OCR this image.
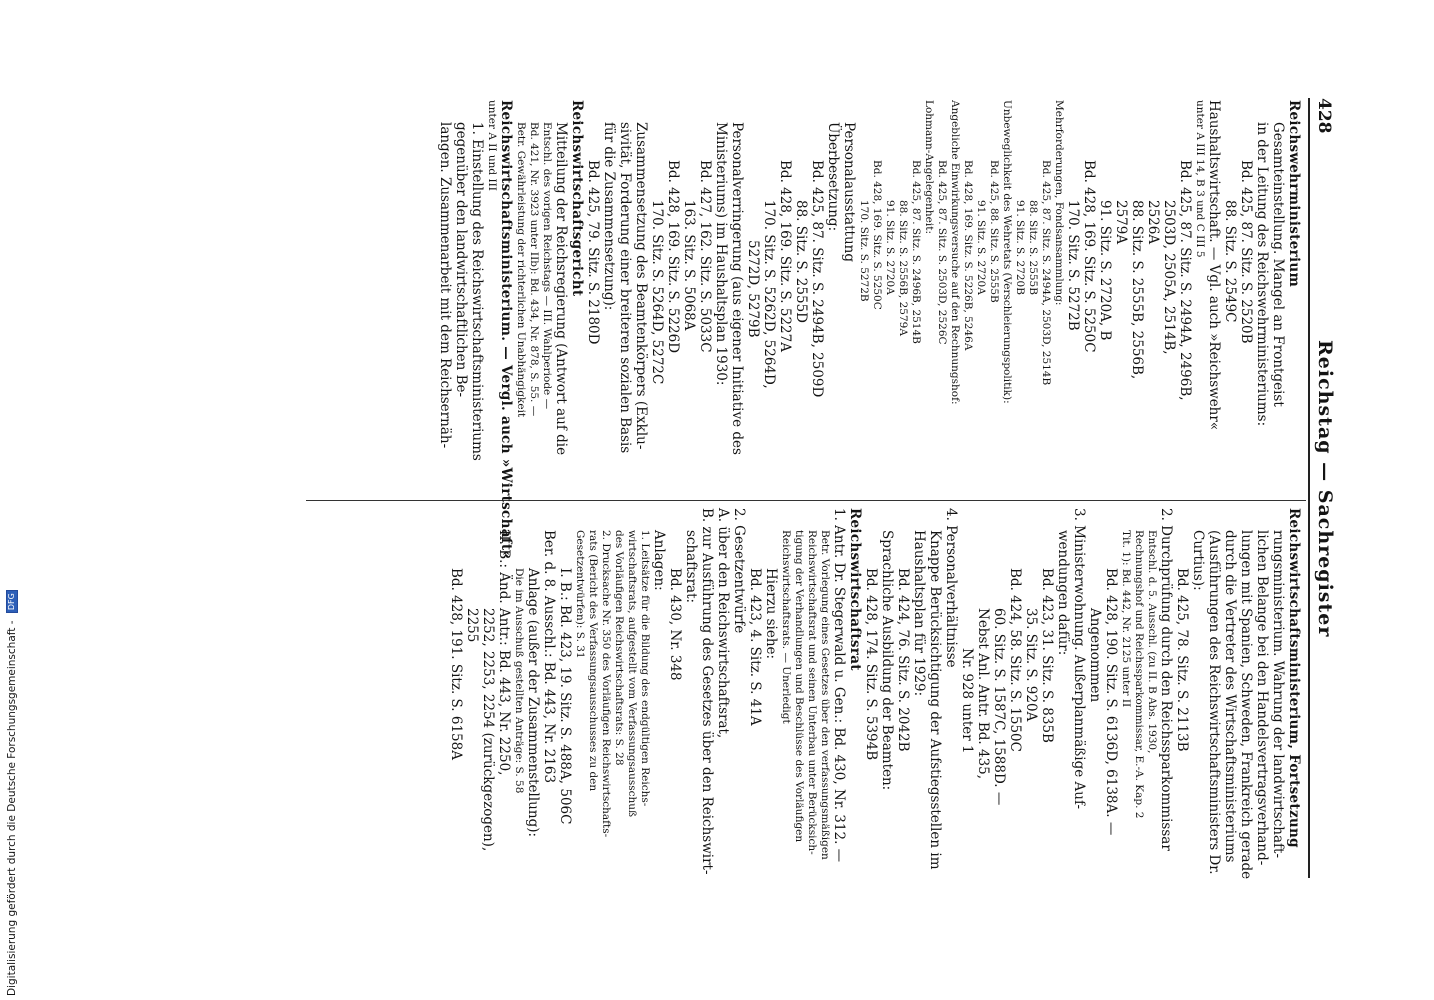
428
Reichstag — Sachregister
Reichswehrministerium
Gesamteinstellung. Mangel an Frontgeist
in der Leitung des Reichswehrministeriums:
Bd. 425, 87. Sitz. S. 2520B
88. Sitz. S. 2549C
Haushaltswirtschaft. — Vgl. auch »Reichswehr«
unter A III 14, B 3 und C III 5
Bd. 425, 87. Sitz. S. 2494A, 2496B,
2503D, 2505A, 2514B,
2526A
88. Sitz. S. 2555B, 2556B,
2579A
91. Sitz. S. 2720A, B
Bd. 428, 169. Sitz. S. 5250C
170. Sitz. S. 5272B
Mehrforderungen, Fondsansammlung:
Bd. 425, 87. Sitz. S. 2494A, 2503D, 2514B
88. Sitz. S. 2555B
91. Sitz. S. 2720B
Unbeweglichkeit des Wehretats (Verschleierungspolitik):
Bd. 425, 88. Sitz. S. 2555B
91. Sitz. S. 2720A
Bd. 428, 169. Sitz. S. 5226B, 5246A
Angebliche Einwirkungsversuche auf den Rechnungshof:
Bd. 425, 87. Sitz. S. 2503D, 2526C
Lohmann-Angelegenheit:
Bd. 425, 87. Sitz. S. 2496B, 2514B
88. Sitz. S. 2556B, 2579A
91. Sitz. S. 2720A
Bd. 428, 169. Sitz. S. 5250C
170. Sitz. S. 5272B
Personalausstattung
Überbesetzung:
Bd. 425, 87. Sitz. S. 2494B, 2509D
88. Sitz. S. 2555D
Bd. 428, 169. Sitz. S. 5227A
170. Sitz. S. 5262D, 5264D,
5272D, 5279B
Personalverringerung (aus eigener Initiative des
Ministeriums) im Haushaltsplan 1930:
Bd. 427, 162. Sitz. S. 5033C
163. Sitz. S. 5068A
Bd. 428, 169. Sitz. S. 5226D
170. Sitz. S. 5264D, 5272C
Zusammensetzung des Beamtenkörpers (Exklu-
sivität, Forderung einer breiteren sozialen Basis
für die Zusammensetzung):
Bd. 425, 79. Sitz. S. 2180D
Reichswirtschaftsgericht
Mitteilung der Reichsregierung (Antwort auf die
Entschl. des vorigen Reichstags — III. Wahlperiode —
Bd. 421, Nr. 3923 unter IIb): Bd. 434, Nr. 878, S. 55. —
Betr. Gewährleistung der richterlichen Unabhängigkeit
Reichswirtschaftsministerium. — Vergl. auch »Wirtschaft«
unter A II und III
1. Einstellung des Reichswirtschaftsministeriums
gegenüber den landwirtschaftlichen Be-
langen. Zusammenarbeit mit dem Reichsernäh-
Reichswirtschaftsministerium, Fortsetzung
rungsministerium. Wahrung der landwirtschaft-
lichen Belange bei den Handelsvertragsverhand-
lungen mit Spanien, Schweden, Frankreich gerade
durch die Vertreter des Wirtschaftsministeriums
(Ausführungen des Reichswirtschaftsministers Dr.
Curtius):
Bd. 425, 78. Sitz. S. 2113B
2. Durchprüfung durch den Reichssparkommissar
Entschl. d. 5. Ausschl. (zu II. B Abs. 1930,
Rechnungshof und Reichssparkommissar, E.-A. Kap. 2
Tit. 1): Bd. 442, Nr. 2125 unter II
Bd. 428, 190. Sitz. S. 6136D, 6138A. —
Angenommen
3. Ministerwohnung. Außerplanmäßige Auf-
wendungen dafür:
Bd. 423, 31. Sitz. S. 835B
35. Sitz. S. 920A
Bd. 424, 58. Sitz. S. 1550C
60. Sitz. S. 1587C, 1588D. —
Nebst Anl. Antr. Bd. 435,
Nr. 928 unter 1
4. Personalverhältnisse
Knappe Berücksichtigung der Aufstiegsstellen im
Haushaltsplan für 1929:
Bd. 424, 76. Sitz. S. 2042B
Sprachliche Ausbildung der Beamten:
Bd. 428, 174. Sitz. S. 5394B
Reichswirtschaftsrat
1. Antr. Dr. Stegerwald u. Gen.: Bd. 430, Nr. 312. —
Betr. Vorlegung eines Gesetzes über den verfassungsmäßigen
Reichswirtschaftsrat und seinen Unterbau unter Berücksich-
tigung der Verhandlungen und Beschlüsse des Vorläufigen
Reichswirtschaftsrats. — Unerledigt
Hierzu siehe:
Bd. 423, 4. Sitz. S. 41A
2. Gesetzentwürfe
A. über den Reichswirtschaftsrat,
B. zur Ausführung des Gesetzes über den Reichswirt-
schaftsrat:
Bd. 430, Nr. 348
Anlagen:
1. Leitsätze für die Bildung des endgültigen Reichs-
wirtschaftsrats, aufgestellt vom Verfassungsausschuß
des Vorläufigen Reichswirtschaftsrats: S. 28
2. Drucksache Nr. 350 des Vorläufigen Reichswirtschafts-
rats (Bericht des Verfassungsausschusses zu den
Gesetzentwürfen): S. 31
I. B.: Bd. 423, 19. Sitz. S. 488A, 506C
Ber. d. 8. Ausschl.: Bd. 443, Nr. 2163
Anlage (außer der Zusammenstellung):
Die im Ausschuß gestellten Anträge: S. 58
II. B.: Änd. Antr.: Bd. 443, Nr. 2250,
2252, 2253, 2254 (zurückgezogen),
2255
Bd. 428, 191. Sitz. S. 6158A
Digitalisierung gefördert durch die Deutsche Forschungsgemeinschaft - DFG
